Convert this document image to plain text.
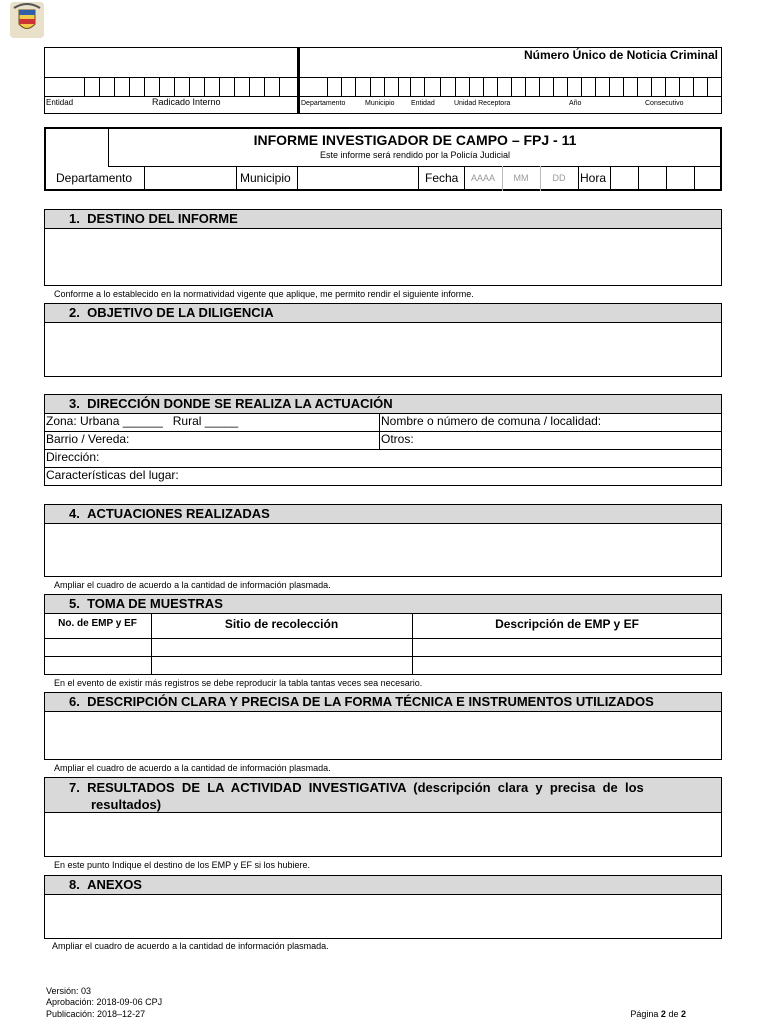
Número Único de Noticia Criminal
Entidad	Radicado Interno	Departamento	Municipio Entidad	Unidad Receptora	Año	Consecutivo
INFORME INVESTIGADOR DE CAMPO – FPJ - 11
Este informe será rendido por la Policía Judicial
Departamento	Municipio	Fecha	AAAA	MM	DD	Hora
1. DESTINO DEL INFORME
Conforme a lo establecido en la normatividad vigente que aplique, me permito rendir el siguiente informe.
2. OBJETIVO DE LA DILIGENCIA
3. DIRECCIÓN DONDE SE REALIZA LA ACTUACIÓN
Zona: Urbana ______   Rural _____	Nombre o número de comuna / localidad:
Barrio / Vereda:	Otros:
Dirección:
Características del lugar:
4. ACTUACIONES REALIZADAS
Ampliar el cuadro de acuerdo a la cantidad de información plasmada.
5. TOMA DE MUESTRAS
No. de EMP y EF	Sitio de recolección	Descripción de EMP y EF
En el evento de existir más registros se debe reproducir la tabla tantas veces sea necesario.
6. DESCRIPCIÓN CLARA Y PRECISA DE LA FORMA TÉCNICA E INSTRUMENTOS UTILIZADOS
Ampliar el cuadro de acuerdo a la cantidad de información plasmada.
7. RESULTADOS  DE  LA  ACTIVIDAD  INVESTIGATIVA  (descripción  clara  y  precisa  de  los
resultados)
En este punto Indique el destino de los EMP y EF si los hubiere.
8. ANEXOS
Ampliar el cuadro de acuerdo a la cantidad de información plasmada.
Versión: 03
Aprobación: 2018-09-06 CPJ
Publicación: 2018–12-27	Página 2 de 2
